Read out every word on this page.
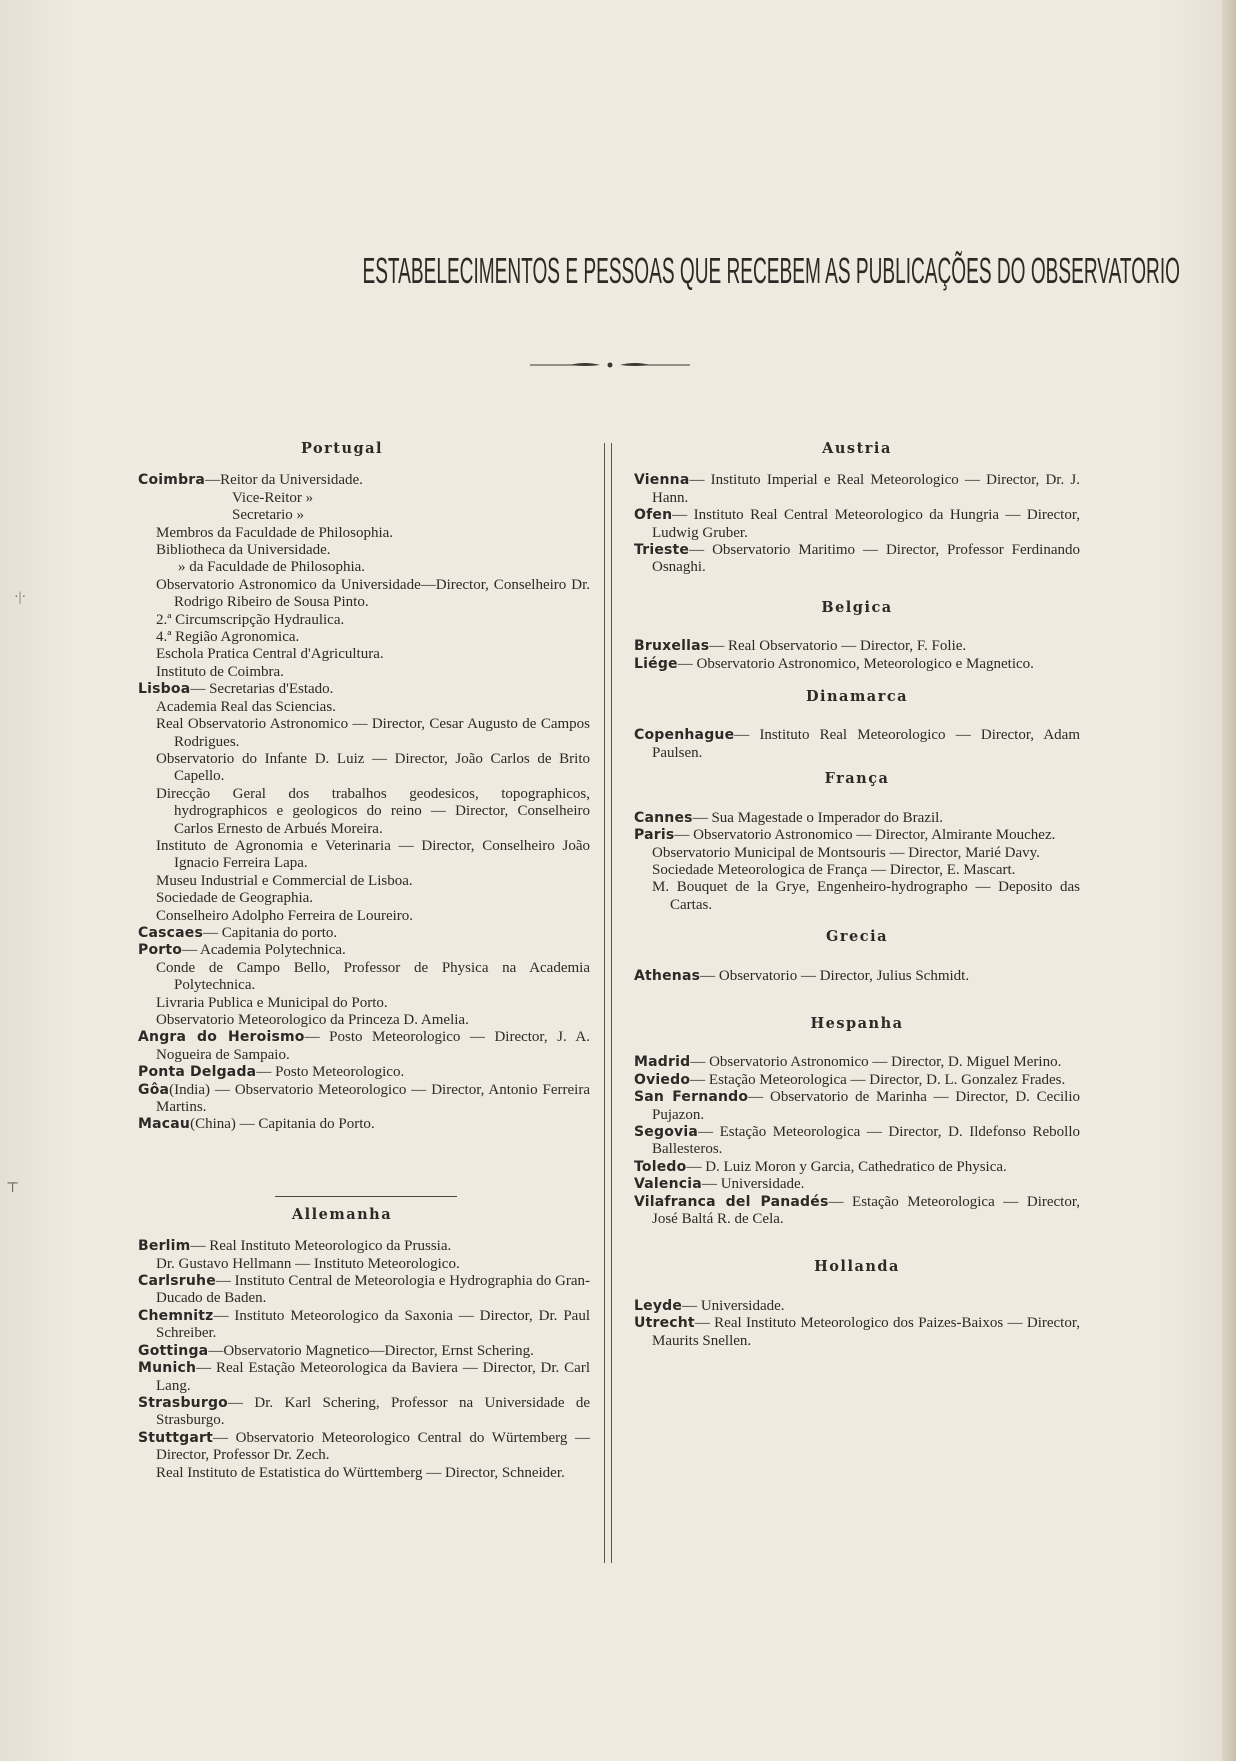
ESTABELECIMENTOS E PESSOAS QUE RECEBEM AS PUBLICAÇÕES DO OBSERVATORIO

Portugal

Coimbra—Reitor da Universidade.

Vice-Reitor »

Secretario »

Membros da Faculdade de Philosophia.

Bibliotheca da Universidade.

» da Faculdade de Philosophia.

Observatorio Astronomico da Universidade—Director, Conselheiro Dr. Rodrigo Ribeiro de Sousa Pinto.

2.ª Circumscripção Hydraulica.

4.ª Região Agronomica.

Eschola Pratica Central d'Agricultura.

Instituto de Coimbra.

Lisboa— Secretarias d'Estado.

Academia Real das Sciencias.

Real Observatorio Astronomico — Director, Cesar Augusto de Campos Rodrigues.

Observatorio do Infante D. Luiz — Director, João Carlos de Brito Capello.

Direcção Geral dos trabalhos geodesicos, topographicos, hydrographicos e geologicos do reino — Director, Conselheiro Carlos Ernesto de Arbués Moreira.

Instituto de Agronomia e Veterinaria — Director, Conselheiro João Ignacio Ferreira Lapa.

Museu Industrial e Commercial de Lisboa.

Sociedade de Geographia.

Conselheiro Adolpho Ferreira de Loureiro.

Cascaes— Capitania do porto.

Porto— Academia Polytechnica.

Conde de Campo Bello, Professor de Physica na Academia Polytechnica.

Livraria Publica e Municipal do Porto.

Observatorio Meteorologico da Princeza D. Amelia.

Angra do Heroismo— Posto Meteorologico — Director, J. A. Nogueira de Sampaio.

Ponta Delgada— Posto Meteorologico.

Gôa(India) — Observatorio Meteorologico — Director, Antonio Ferreira Martins.

Macau(China) — Capitania do Porto.

Allemanha

Berlim— Real Instituto Meteorologico da Prussia.

Dr. Gustavo Hellmann — Instituto Meteorologico.

Carlsruhe— Instituto Central de Meteorologia e Hydrographia do Gran-Ducado de Baden.

Chemnitz— Instituto Meteorologico da Saxonia — Director, Dr. Paul Schreiber.

Gottinga—Observatorio Magnetico—Director, Ernst Schering.

Munich— Real Estação Meteorologica da Baviera — Director, Dr. Carl Lang.

Strasburgo— Dr. Karl Schering, Professor na Universidade de Strasburgo.

Stuttgart— Observatorio Meteorologico Central do Würtemberg — Director, Professor Dr. Zech.

Real Instituto de Estatistica do Württemberg — Director, Schneider.

Austria

Vienna— Instituto Imperial e Real Meteorologico — Director, Dr. J. Hann.

Ofen— Instituto Real Central Meteorologico da Hungria — Director, Ludwig Gruber.

Trieste— Observatorio Maritimo — Director, Professor Ferdinando Osnaghi.

Belgica

Bruxellas— Real Observatorio — Director, F. Folie.

Liége— Observatorio Astronomico, Meteorologico e Magnetico.

Dinamarca

Copenhague— Instituto Real Meteorologico — Director, Adam Paulsen.

França

Cannes— Sua Magestade o Imperador do Brazil.

Paris— Observatorio Astronomico — Director, Almirante Mouchez.

Observatorio Municipal de Montsouris — Director, Marié Davy.

Sociedade Meteorologica de França — Director, E. Mascart.

M. Bouquet de la Grye, Engenheiro-hydrographo — Deposito das Cartas.

Grecia

Athenas— Observatorio — Director, Julius Schmidt.

Hespanha

Madrid— Observatorio Astronomico — Director, D. Miguel Merino.

Oviedo— Estação Meteorologica — Director, D. L. Gonzalez Frades.

San Fernando— Observatorio de Marinha — Director, D. Cecilio Pujazon.

Segovia— Estação Meteorologica — Director, D. Ildefonso Rebollo Ballesteros.

Toledo— D. Luiz Moron y Garcia, Cathedratico de Physica.

Valencia— Universidade.

Vilafranca del Panadés— Estação Meteorologica — Director, José Baltá R. de Cela.

Hollanda

Leyde— Universidade.

Utrecht— Real Instituto Meteorologico dos Paizes-Baixos — Director, Maurits Snellen.

·|·
⊤
